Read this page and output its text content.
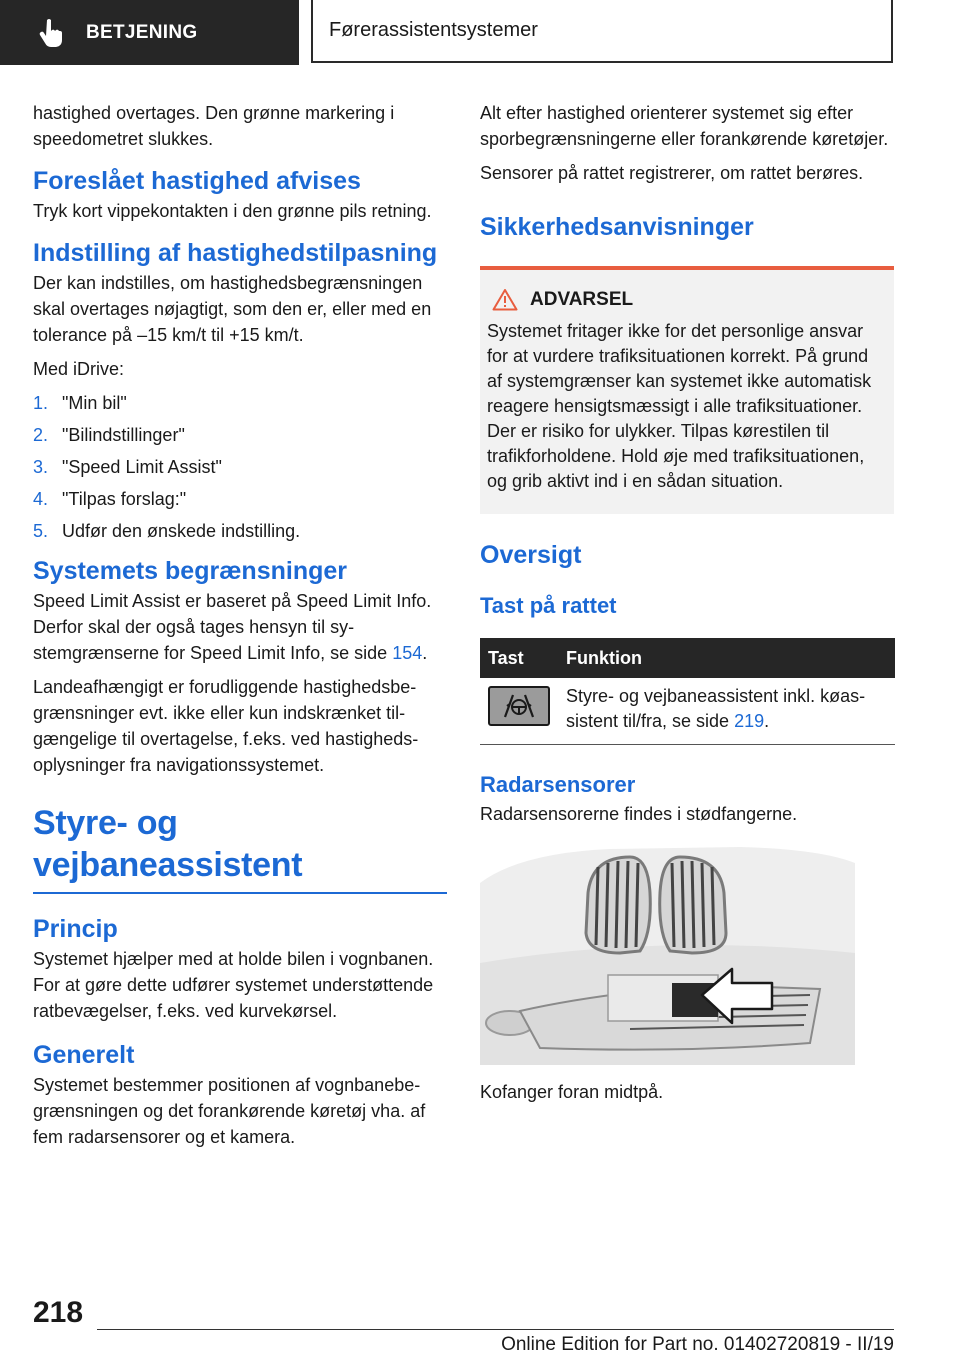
BETJENING	Førerassistentsystemer

hastighed overtages. Den grønne markering i speedometret slukkes.

Foreslået hastighed afvises

Tryk kort vippekontakten i den grønne pils retning.

Indstilling af hastighedstilpasning

Der kan indstilles, om hastighedsbegrænsningen skal overtages nøjagtigt, som den er, eller med en tolerance på –15 km/t til +15 km/t.

Med iDrive:

1. "Min bil"
2. "Bilindstillinger"
3. "Speed Limit Assist"
4. "Tilpas forslag:"
5. Udfør den ønskede indstilling.
Systemets begrænsninger

Speed Limit Assist er baseret på Speed Limit Info. Derfor skal der også tages hensyn til systemgrænserne for Speed Limit Info, se side 154.

Landeafhængigt er forudliggende hastighedsbegrænsninger evt. ikke eller kun indskrænket tilgængelige til overtagelse, f.eks. ved hastighedsoplysninger fra navigationssystemet.

Styre- og vejbaneassistent
Princip

Systemet hjælper med at holde bilen i vognbanen. For at gøre dette udfører systemet understøttende ratbevægelser, f.eks. ved kurvekørsel.

Generelt

Systemet bestemmer positionen af vognbanebegrænsningen og det forankørende køretøj vha. af fem radarsensorer og et kamera.

Alt efter hastighed orienterer systemet sig efter sporbegrænsningerne eller forankørende køretøjer.

Sensorer på rattet registrerer, om rattet berøres.

Sikkerhedsanvisninger
ADVARSEL

Systemet fritager ikke for det personlige ansvar for at vurdere trafiksituationen korrekt. På grund af systemgrænser kan systemet ikke automatisk reagere hensigtsmæssigt i alle trafiksituationer. Der er risiko for ulykker. Tilpas kørestilen til trafikforholdene. Hold øje med trafiksituationen, og grib aktivt ind i en sådan situation.

Oversigt
Tast på rattet
Tast	Funktion

	Styre- og vejbaneassistent inkl. køassistent til/fra, se side 219.
Radarsensorer

Radarsensorerne findes i stødfangerne.

Kofanger foran midtpå.

218
Online Edition for Part no. 01402720819 - II/19
